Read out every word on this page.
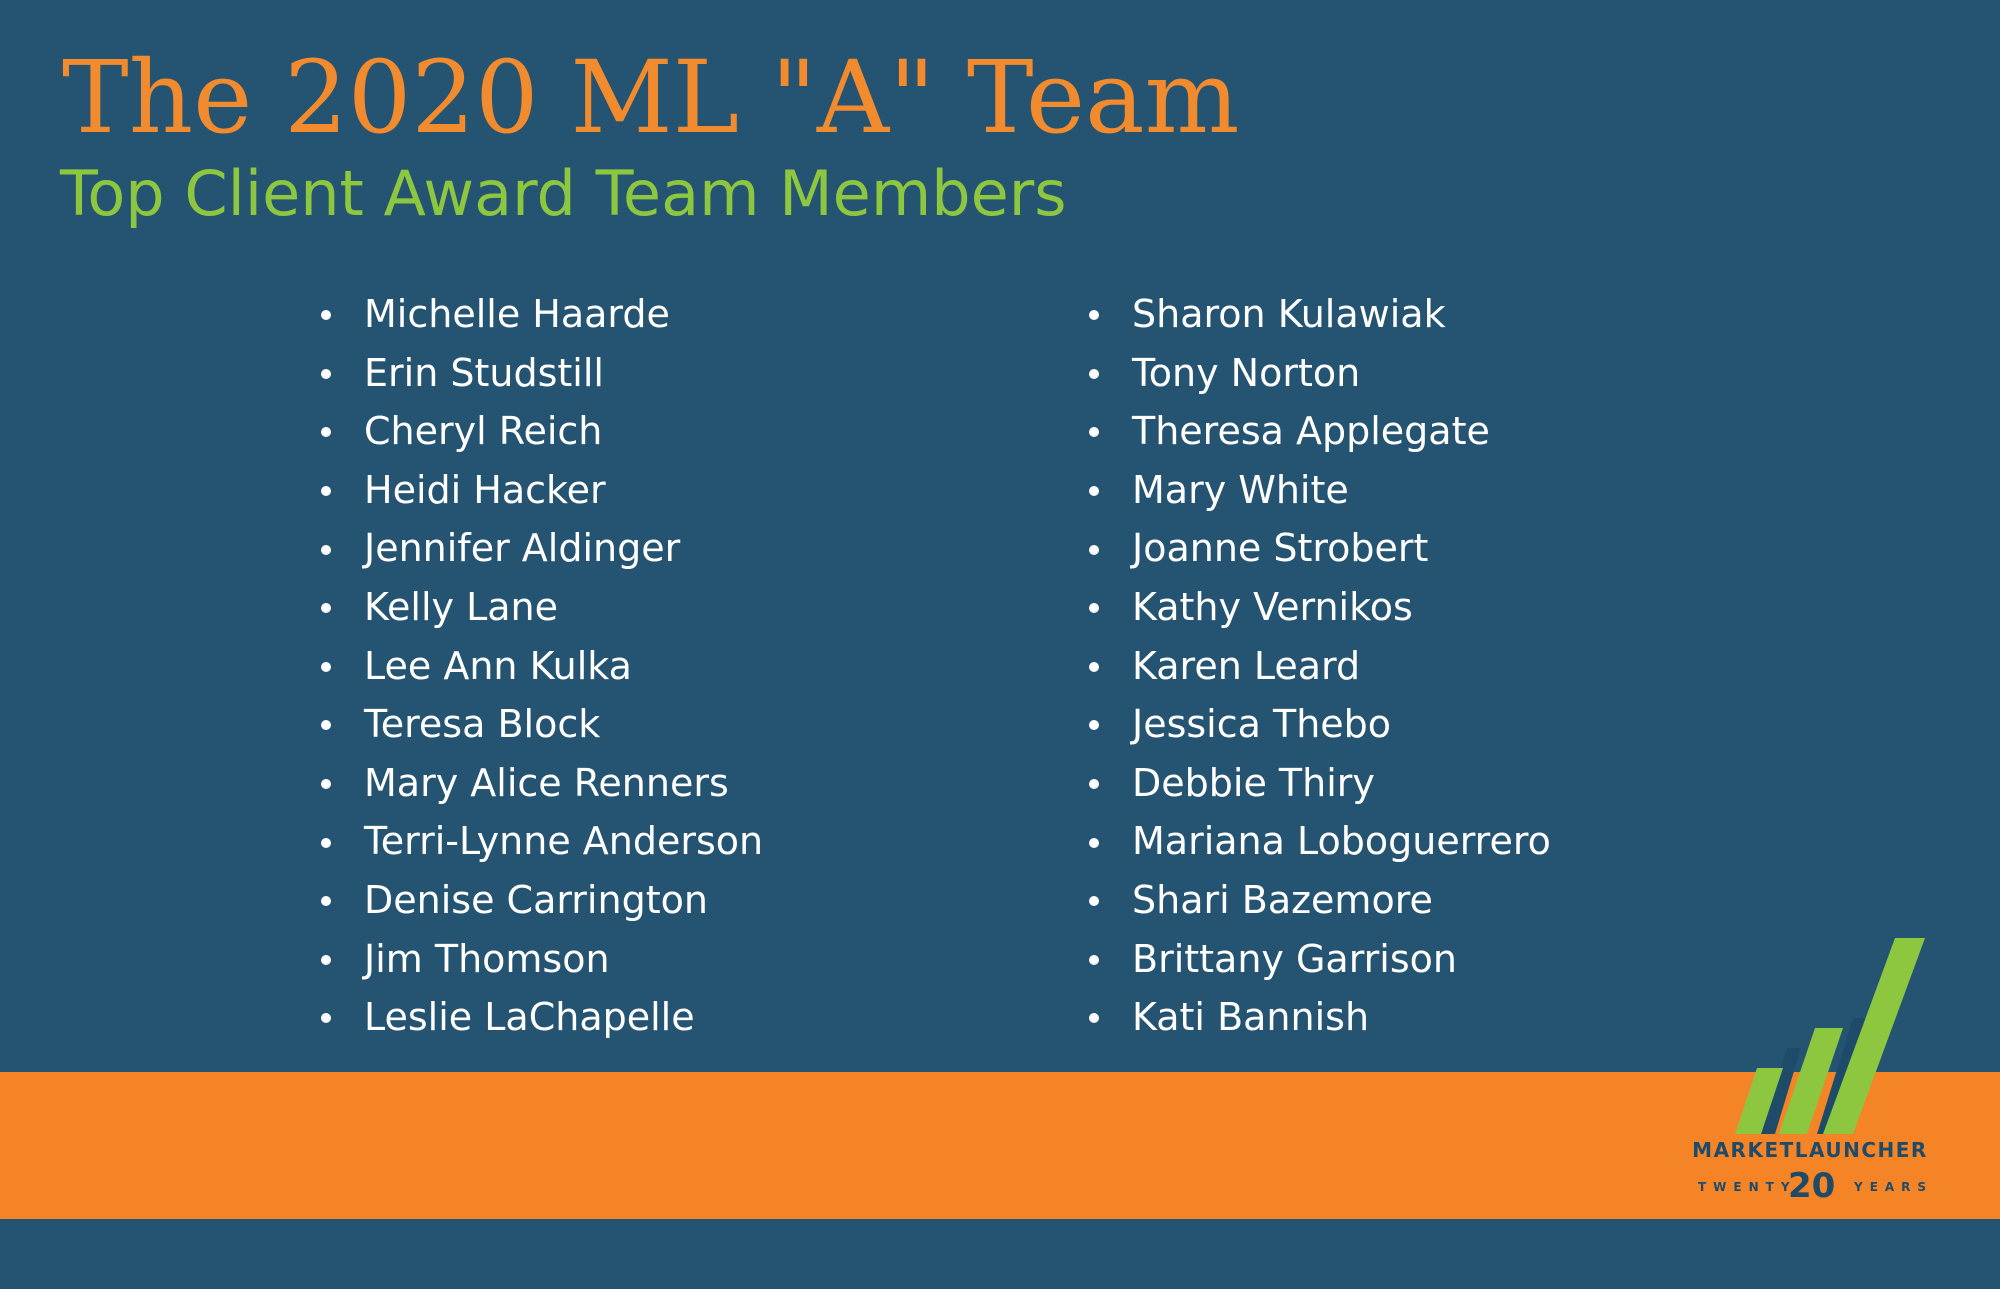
The 2020 ML "A" Team
Top Client Award Team Members
Michelle Haarde
Erin Studstill
Cheryl Reich
Heidi Hacker
Jennifer Aldinger
Kelly Lane
Lee Ann Kulka
Teresa Block
Mary Alice Renners
Terri-Lynne Anderson
Denise Carrington
Jim Thomson
Leslie LaChapelle
Sharon Kulawiak
Tony Norton
Theresa Applegate
Mary White
Joanne Strobert
Kathy Vernikos
Karen Leard
Jessica Thebo
Debbie Thiry
Mariana Loboguerrero
Shari Bazemore
Brittany Garrison
Kati Bannish
MARKETLAUNCHER
TWENTY
20 YEARS
